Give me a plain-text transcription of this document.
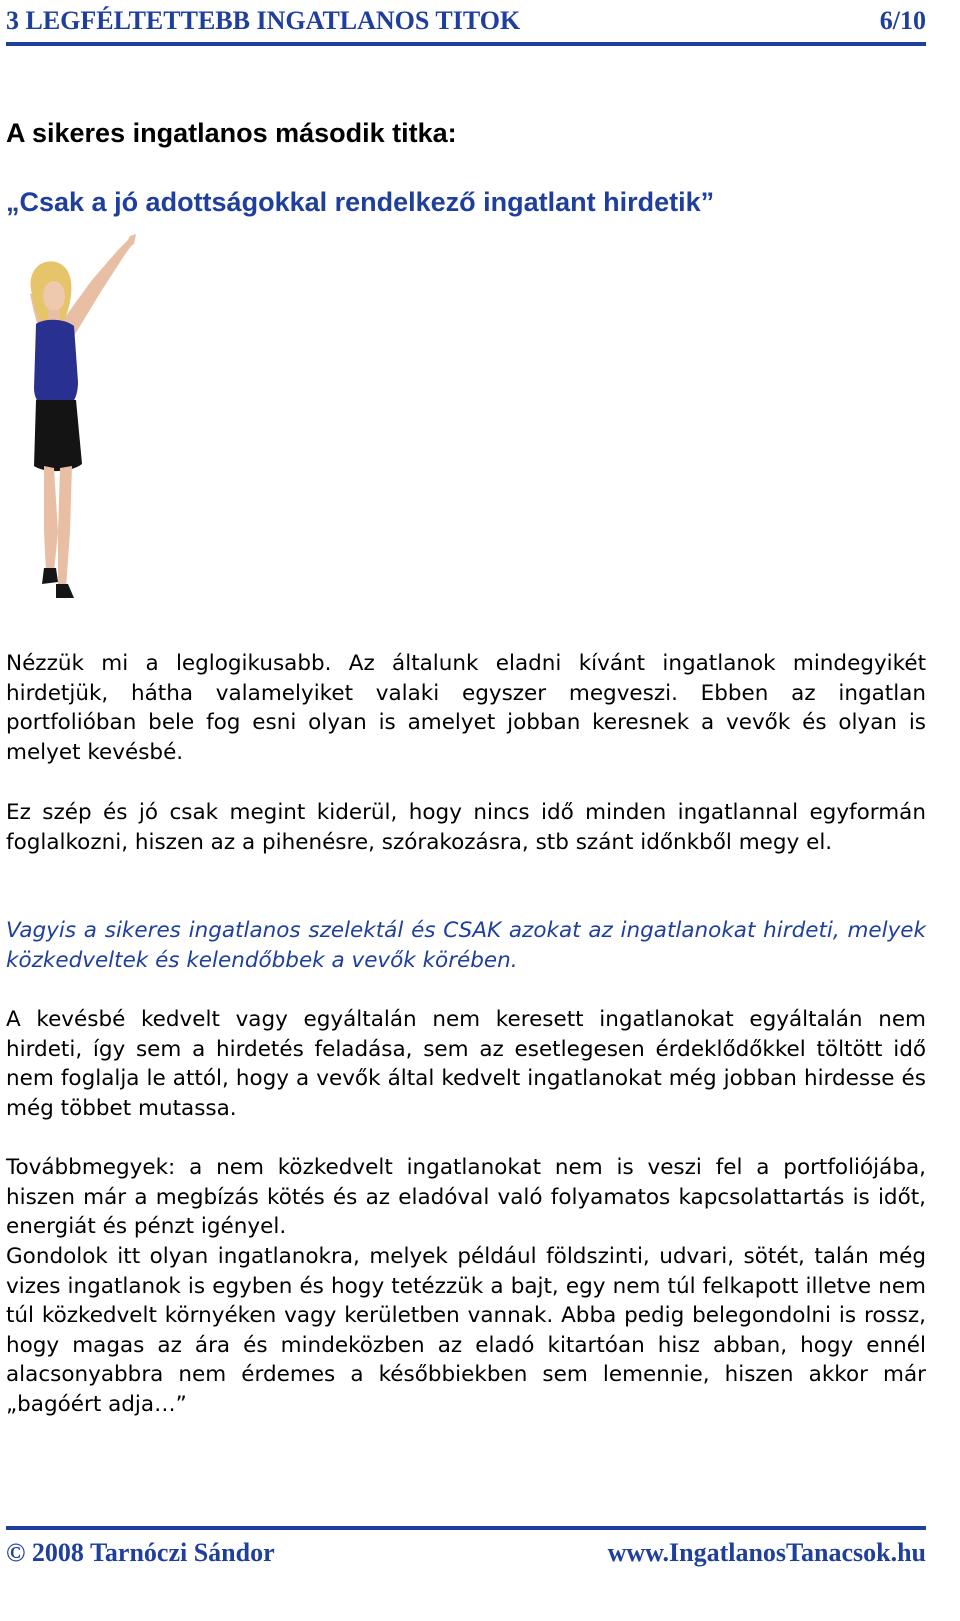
3 LEGFÉLTETTEBB INGATLANOS TITOK	6/10
A sikeres ingatlanos második titka:
„Csak a jó adottságokkal rendelkező ingatlant hirdetik”

Nézzük mi a leglogikusabb. Az általunk eladni kívánt ingatlanok mindegyikét hirdetjük, hátha valamelyiket valaki egyszer megveszi. Ebben az ingatlan portfolióban bele fog esni olyan is amelyet jobban keresnek a vevők és olyan is melyet kevésbé.

Ez szép és jó csak megint kiderül, hogy nincs idő minden ingatlannal egyformán foglalkozni, hiszen az a pihenésre, szórakozásra, stb szánt időnkből megy el.

Vagyis a sikeres ingatlanos szelektál és CSAK azokat az ingatlanokat hirdeti, melyek közkedveltek és kelendőbbek a vevők körében.

A kevésbé kedvelt vagy egyáltalán nem keresett ingatlanokat egyáltalán nem hirdeti, így sem a hirdetés feladása, sem az esetlegesen érdeklődőkkel töltött idő nem foglalja le attól, hogy a vevők által kedvelt ingatlanokat még jobban hirdesse és még többet mutassa.

Továbbmegyek: a nem közkedvelt ingatlanokat nem is veszi fel a portfoliójába, hiszen már a megbízás kötés és az eladóval való folyamatos kapcsolattartás is időt, energiát és pénzt igényel.

Gondolok itt olyan ingatlanokra, melyek például földszinti, udvari, sötét, talán még vizes ingatlanok is egyben és hogy tetézzük a bajt, egy nem túl felkapott illetve nem túl közkedvelt környéken vagy kerületben vannak. Abba pedig belegondolni is rossz, hogy magas az ára és mindeközben az eladó kitartóan hisz abban, hogy ennél alacsonyabbra nem érdemes a későbbiekben sem lemennie, hiszen akkor már „bagóért adja…”

© 2008 Tarnóczi Sándor	www.IngatlanosTanacsok.hu
